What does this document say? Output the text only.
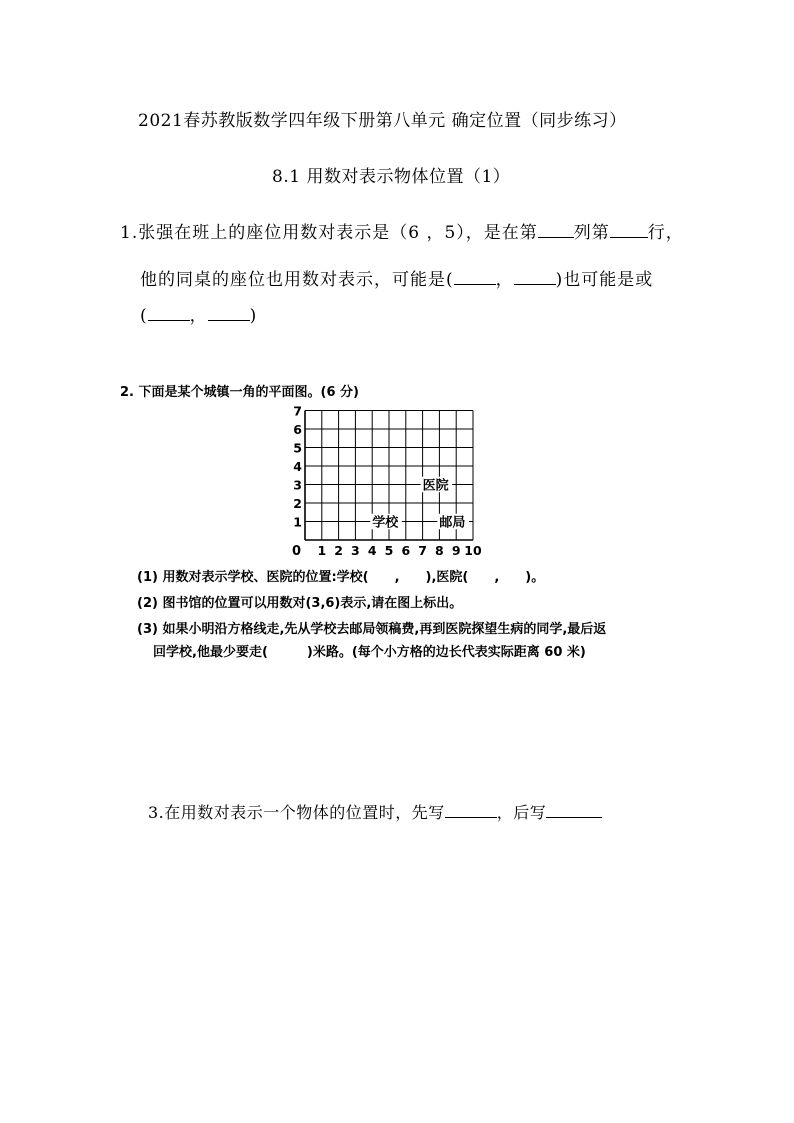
2021春苏教版数学四年级下册第八单元 确定位置（同步练习）
8.1 用数对表示物体位置（1）
1.张强在班上的座位用数对表示是（6 ，5），是在第 列第 行，
他的同桌的座位也用数对表示，可能是( ， )也可能是或
( ， )
2. 下面是某个城镇一角的平面图。(6 分)
0 1 2 3 4 5 6 7 8 9 10
1
2
3
4
5
6
7
学校	邮局
医院
(1) 用数对表示学校、医院的位置:学校(　　,　　),医院(　　,　　)。
(2) 图书馆的位置可以用数对(3,6)表示,请在图上标出。
(3) 如果小明沿方格线走,先从学校去邮局领稿费,再到医院探望生病的同学,最后返
回学校,他最少要走(　　　)米路。(每个小方格的边长代表实际距离 60 米)
3.在用数对表示一个物体的位置时，先写	，后写
